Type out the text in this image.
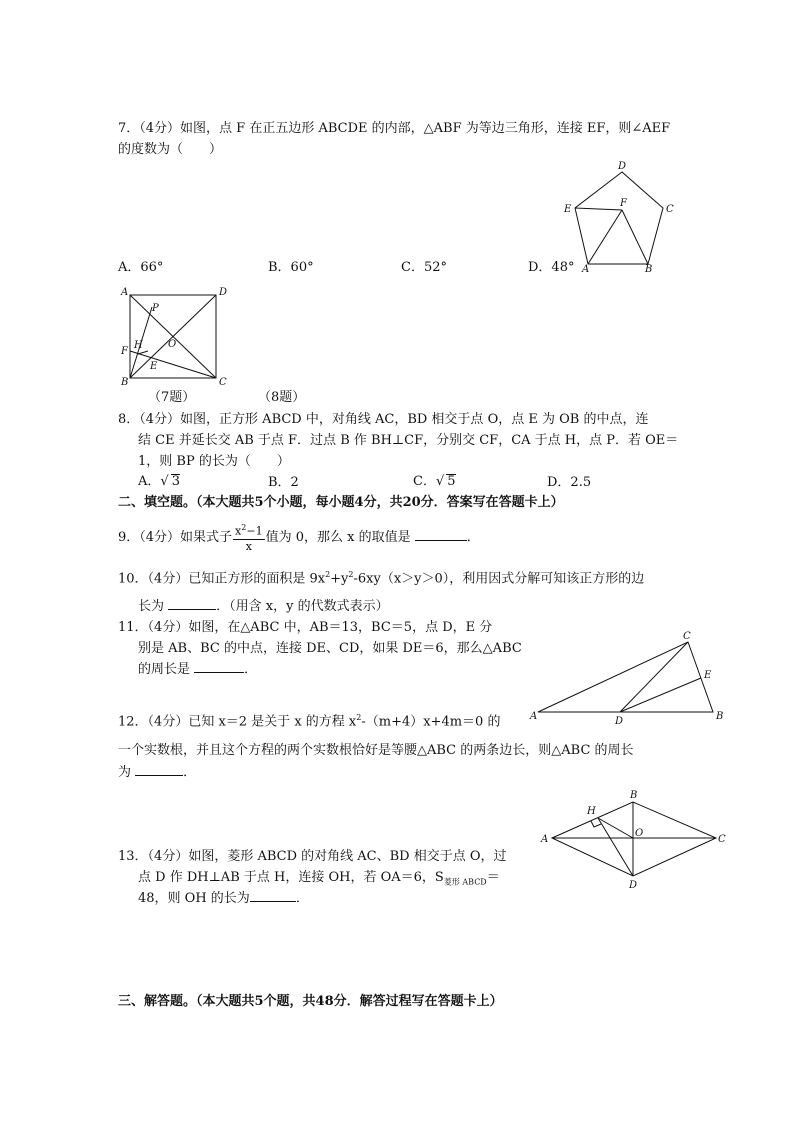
7．（4分）如图，点 F 在正五边形 ABCDE 的内部，△ABF 为等边三角形，连接 EF，则∠AEF
的度数为（　　）
D
C
E
F
A	B
A．66°	B．60°	C．52°	D．48°
A	D
B	C
P
O
H
F
E
（7题）	（8题）
8．（4分）如图，正方形 ABCD 中，对角线 AC，BD 相交于点 O，点 E 为 OB 的中点，连
结 CE 并延长交 AB 于点 F．过点 B 作 BH⊥CF，分别交 CF，CA 于点 H，点 P．若 OE＝
1，则 BP 的长为（　　）
A．√ 3	B．2	C．√ 5	D．2.5
二、填空题。（本大题共5个小题，每小题4分，共20分．答案写在答题卡上）
9．（4分）如果式子 $\frac{x^2-1}{x}$ 值为 0，那么 x 的取值是	．
10．（4分）已知正方形的面积是 $9x^2+y^2-6xy(x>y>0)$，利用因式分解可知该正方形的边
长为	．（用含 x，y 的代数式表示）
11．（4分）如图，在△ABC 中，AB＝13，BC＝5，点 D，E 分
别是 AB、BC 的中点，连接 DE、CD，如果 DE＝6，那么△ABC
的周长是	．
A	B
C
D
E
12．（4分）已知 x＝2 是关于 x 的方程 $x^2-(m+4)x+4m=0$ 的
一个实数根，并且这个方程的两个实数根恰好是等腰△ABC 的两条边长，则△ABC 的周长
为	．
A
B
C
D
H
O
13．（4分）如图，菱形 ABCD 的对角线 AC、BD 相交于点 O，过
点 D 作 DH⊥AB 于点 H，连接 OH，若 OA＝6，$S_{菱形 ABCD}=$
48，则 OH 的长为	．
三、解答题。（本大题共5个题，共48分．解答过程写在答题卡上）
